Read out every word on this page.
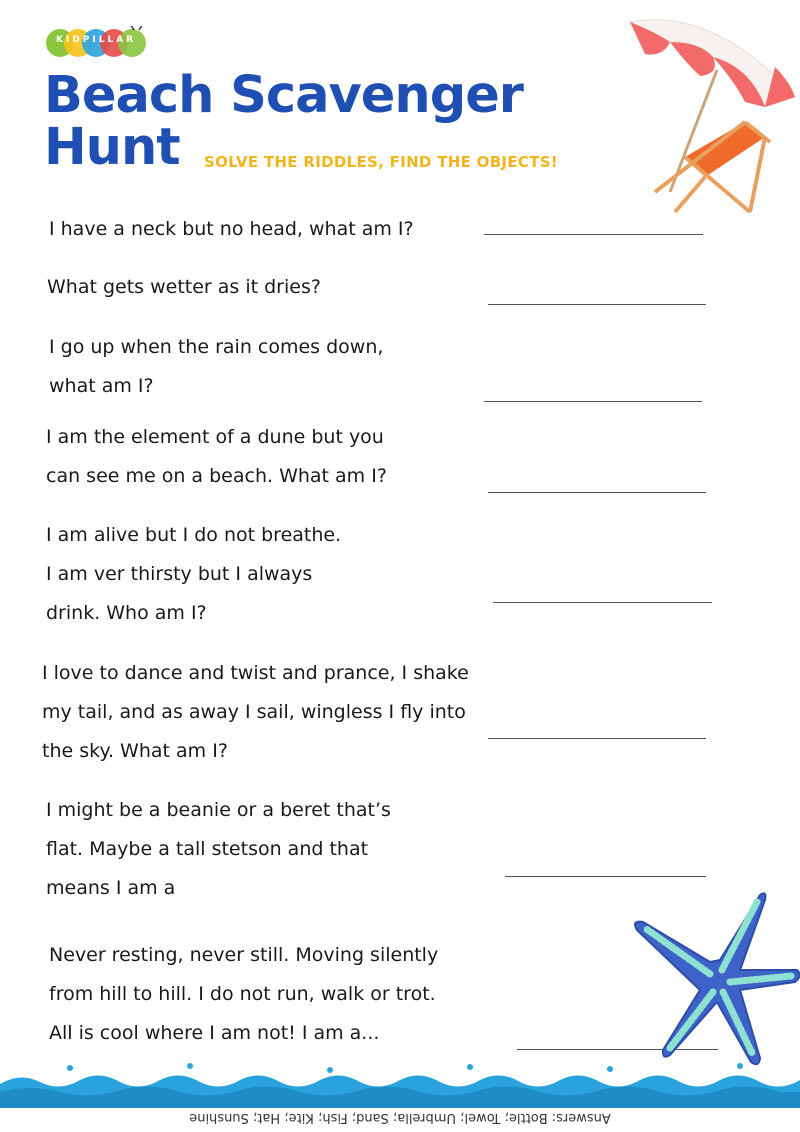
KIDPILLAR
Beach Scavenger
Hunt	SOLVE THE RIDDLES, FIND THE OBJECTS!
I have a neck but no head, what am I?
What gets wetter as it dries?
I go up when the rain comes down,
what am I?
I am the element of a dune but you
can see me on a beach. What am I?
I am alive but I do not breathe.
I am ver thirsty but I always
drink. Who am I?
I love to dance and twist and prance, I shake
my tail, and as away I sail, wingless I fly into
the sky. What am I?
I might be a beanie or a beret that’s
flat. Maybe a tall stetson and that
means I am a
Never resting, never still. Moving silently
from hill to hill. I do not run, walk or trot.
All is cool where I am not! I am a...
Answers: Bottle; Towel; Umbrella; Sand; Fish; Kite; Hat; Sunshine
